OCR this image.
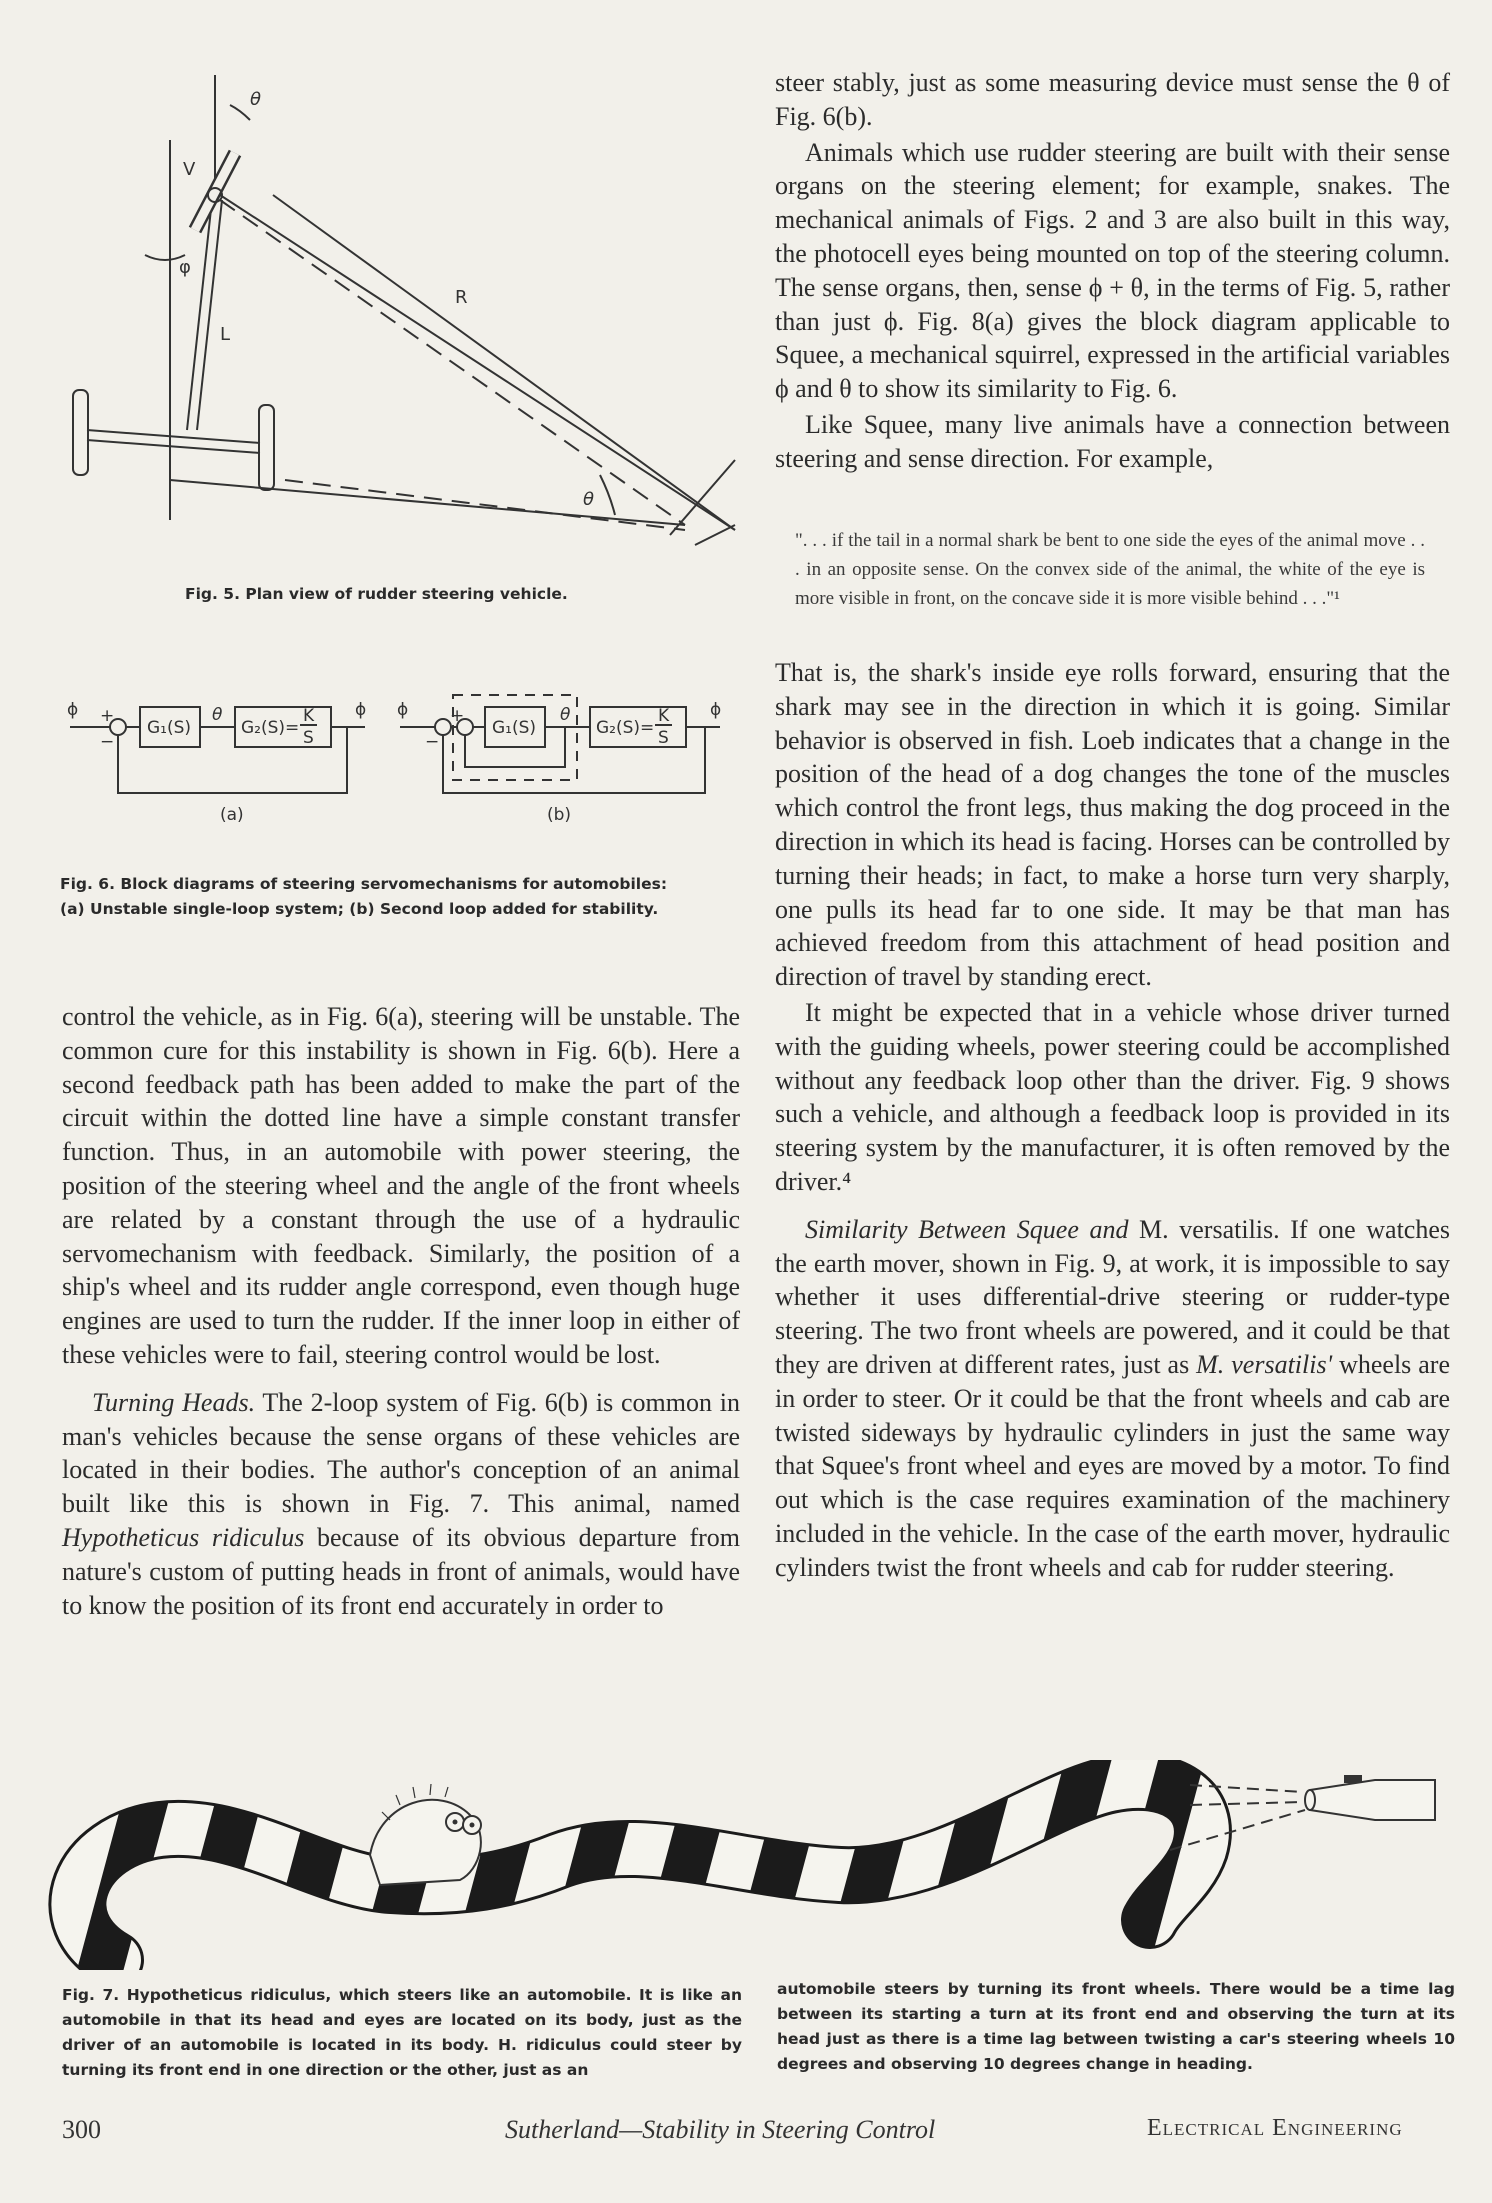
θ
V
φ
L
R
θ
Fig. 5. Plan view of rudder steering vehicle.
ϕ +
−
G₁(S)
θ
G₂(S)=
K
S
ϕ
(a)
ϕ +
−
G₁(S)
θ
G₂(S)=
K
S
ϕ
(b)
Fig. 6. Block diagrams of steering servomechanisms for automobiles:
(a) Unstable single-loop system; (b) Second loop added for stability.

control the vehicle, as in Fig. 6(a), steering will be unstable. The common cure for this instability is shown in Fig. 6(b). Here a second feedback path has been added to make the part of the circuit within the dotted line have a simple constant transfer function. Thus, in an automobile with power steering, the position of the steering wheel and the angle of the front wheels are related by a constant through the use of a hydraulic servomechanism with feedback. Similarly, the position of a ship's wheel and its rudder angle correspond, even though huge engines are used to turn the rudder. If the inner loop in either of these vehicles were to fail, steering control would be lost.

Turning Heads. The 2-loop system of Fig. 6(b) is common in man's vehicles because the sense organs of these vehicles are located in their bodies. The author's conception of an animal built like this is shown in Fig. 7. This animal, named Hypotheticus ridiculus because of its obvious departure from nature's custom of putting heads in front of animals, would have to know the position of its front end accurately in order to

steer stably, just as some measuring device must sense the θ of Fig. 6(b).

Animals which use rudder steering are built with their sense organs on the steering element; for example, snakes. The mechanical animals of Figs. 2 and 3 are also built in this way, the photocell eyes being mounted on top of the steering column. The sense organs, then, sense ϕ + θ, in the terms of Fig. 5, rather than just ϕ. Fig. 8(a) gives the block diagram applicable to Squee, a mechanical squirrel, expressed in the artificial variables ϕ and θ to show its similarity to Fig. 6.

Like Squee, many live animals have a connection between steering and sense direction. For example,

". . . if the tail in a normal shark be bent to one side the eyes of the animal move . . . in an opposite sense. On the convex side of the animal, the white of the eye is more visible in front, on the concave side it is more visible behind . . ."¹

That is, the shark's inside eye rolls forward, ensuring that the shark may see in the direction in which it is going. Similar behavior is observed in fish. Loeb indicates that a change in the position of the head of a dog changes the tone of the muscles which control the front legs, thus making the dog proceed in the direction in which its head is facing. Horses can be controlled by turning their heads; in fact, to make a horse turn very sharply, one pulls its head far to one side. It may be that man has achieved freedom from this attachment of head position and direction of travel by standing erect.

It might be expected that in a vehicle whose driver turned with the guiding wheels, power steering could be accomplished without any feedback loop other than the driver. Fig. 9 shows such a vehicle, and although a feedback loop is provided in its steering system by the manufacturer, it is often removed by the driver.⁴

Similarity Between Squee and M. versatilis. If one watches the earth mover, shown in Fig. 9, at work, it is impossible to say whether it uses differential-drive steering or rudder-type steering. The two front wheels are powered, and it could be that they are driven at different rates, just as M. versatilis' wheels are in order to steer. Or it could be that the front wheels and cab are twisted sideways by hydraulic cylinders in just the same way that Squee's front wheel and eyes are moved by a motor. To find out which is the case requires examination of the machinery included in the vehicle. In the case of the earth mover, hydraulic cylinders twist the front wheels and cab for rudder steering.

Fig. 7. Hypotheticus ridiculus, which steers like an automobile. It is like an automobile in that its head and eyes are located on its body, just as the driver of an automobile is located in its body. H. ridiculus could steer by turning its front end in one direction or the other, just as an
automobile steers by turning its front wheels. There would be a time lag between its starting a turn at its front end and observing the turn at its head just as there is a time lag between twisting a car's steering wheels 10 degrees and observing 10 degrees change in heading.
300	Sutherland—Stability in Steering Control	Electrical Engineering
